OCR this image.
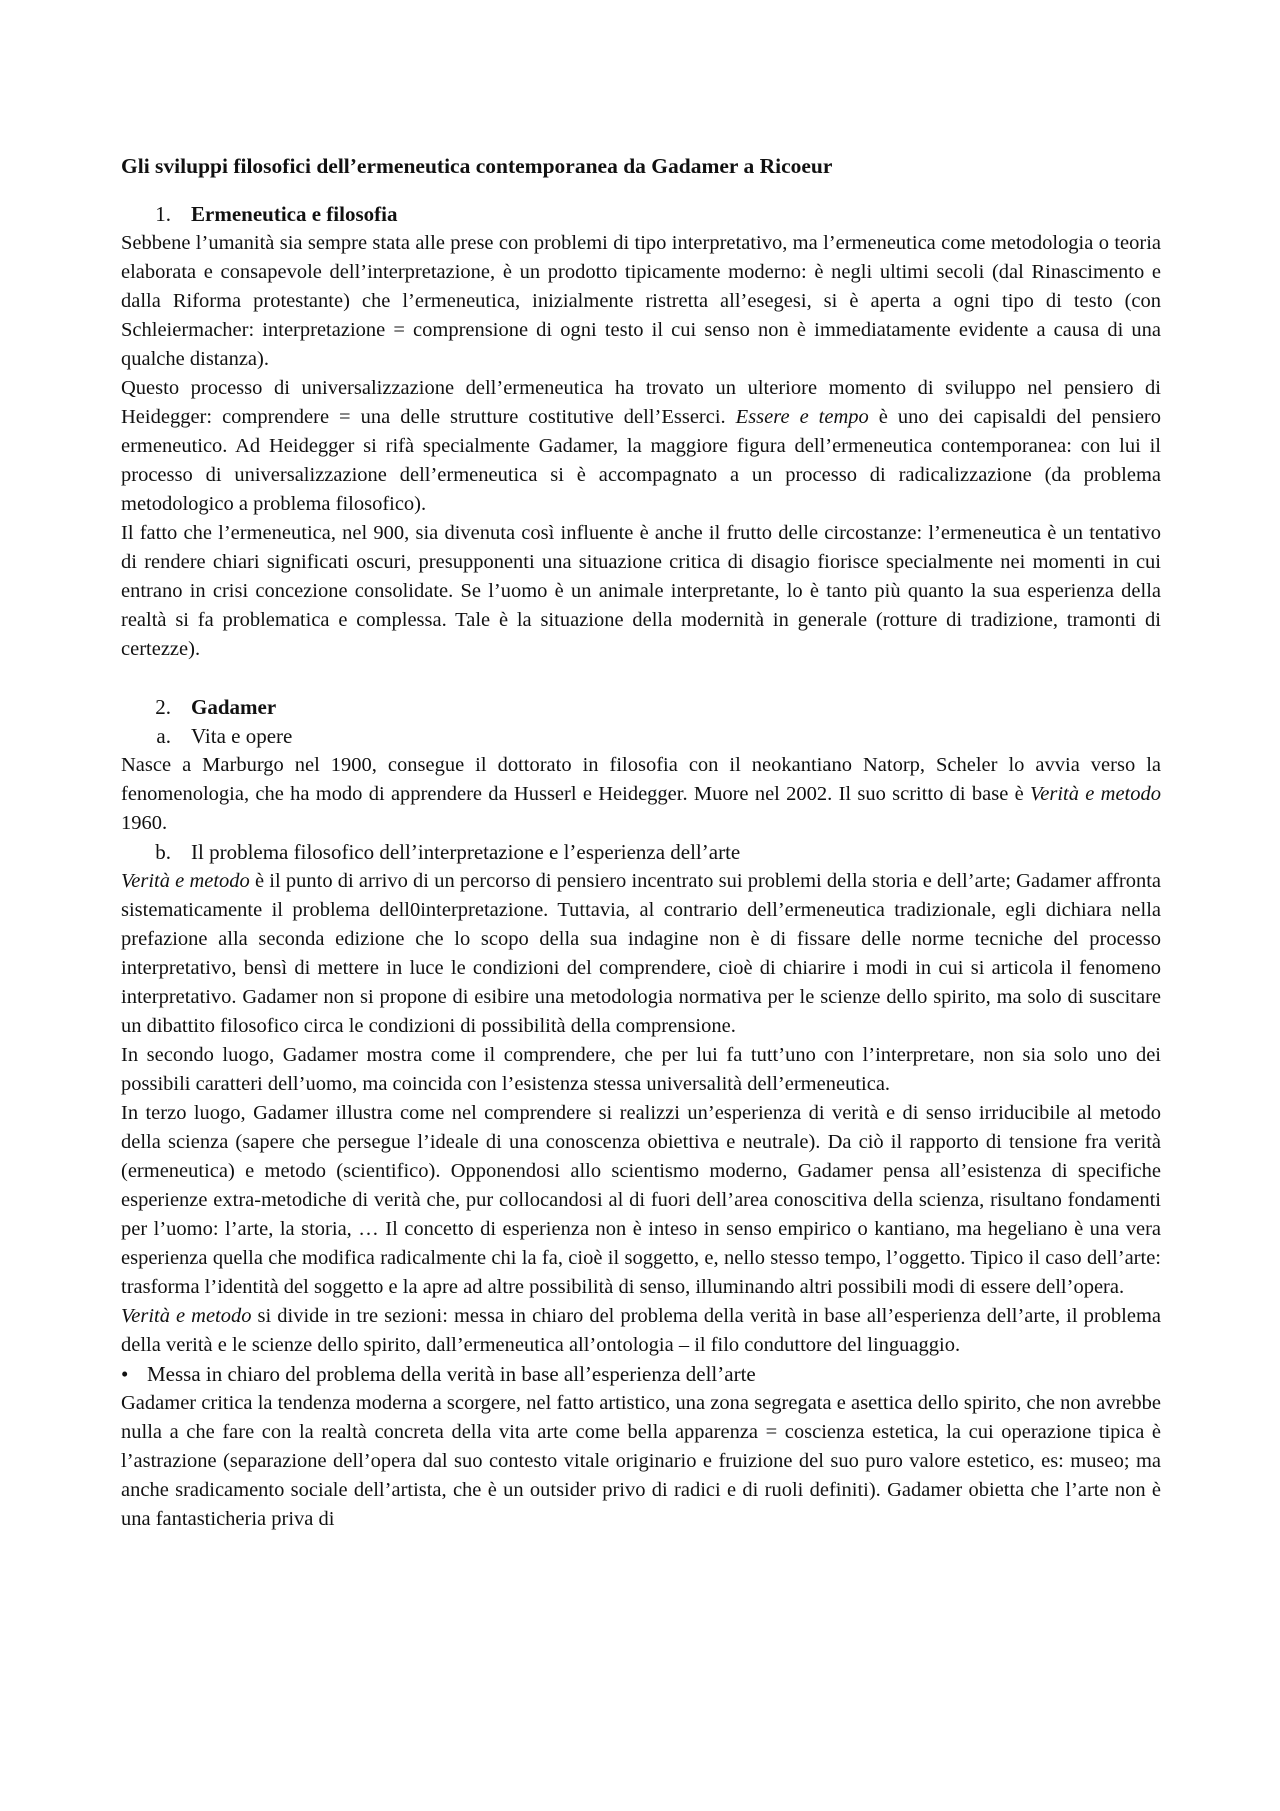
Gli sviluppi filosofici dell’ermeneutica contemporanea da Gadamer a Ricoeur
1. Ermeneutica e filosofia

Sebbene l’umanità sia sempre stata alle prese con problemi di tipo interpretativo, ma l’ermeneutica come metodologia o teoria elaborata e consapevole dell’interpretazione, è un prodotto tipicamente moderno: è negli ultimi secoli (dal Rinascimento e dalla Riforma protestante) che l’ermeneutica, inizialmente ristretta all’esegesi, si è aperta a ogni tipo di testo (con Schleiermacher: interpretazione = comprensione di ogni testo il cui senso non è immediatamente evidente a causa di una qualche distanza).

Questo processo di universalizzazione dell’ermeneutica ha trovato un ulteriore momento di sviluppo nel pensiero di Heidegger: comprendere = una delle strutture costitutive dell’Esserci. Essere e tempo è uno dei capisaldi del pensiero ermeneutico. Ad Heidegger si rifà specialmente Gadamer, la maggiore figura dell’ermeneutica contemporanea: con lui il processo di universalizzazione dell’ermeneutica si è accompagnato a un processo di radicalizzazione (da problema metodologico a problema filosofico).

Il fatto che l’ermeneutica, nel 900, sia divenuta così influente è anche il frutto delle circostanze: l’ermeneutica è un tentativo di rendere chiari significati oscuri, presupponenti una situazione critica di disagio fiorisce specialmente nei momenti in cui entrano in crisi concezione consolidate. Se l’uomo è un animale interpretante, lo è tanto più quanto la sua esperienza della realtà si fa problematica e complessa. Tale è la situazione della modernità in generale (rotture di tradizione, tramonti di certezze).

2. Gadamer
a. Vita e opere

Nasce a Marburgo nel 1900, consegue il dottorato in filosofia con il neokantiano Natorp, Scheler lo avvia verso la fenomenologia, che ha modo di apprendere da Husserl e Heidegger. Muore nel 2002. Il suo scritto di base è Verità e metodo 1960.

b. Il problema filosofico dell’interpretazione e l’esperienza dell’arte

Verità e metodo è il punto di arrivo di un percorso di pensiero incentrato sui problemi della storia e dell’arte; Gadamer affronta sistematicamente il problema dell0interpretazione. Tuttavia, al contrario dell’ermeneutica tradizionale, egli dichiara nella prefazione alla seconda edizione che lo scopo della sua indagine non è di fissare delle norme tecniche del processo interpretativo, bensì di mettere in luce le condizioni del comprendere, cioè di chiarire i modi in cui si articola il fenomeno interpretativo. Gadamer non si propone di esibire una metodologia normativa per le scienze dello spirito, ma solo di suscitare un dibattito filosofico circa le condizioni di possibilità della comprensione.

In secondo luogo, Gadamer mostra come il comprendere, che per lui fa tutt’uno con l’interpretare, non sia solo uno dei possibili caratteri dell’uomo, ma coincida con l’esistenza stessa universalità dell’ermeneutica.

In terzo luogo, Gadamer illustra come nel comprendere si realizzi un’esperienza di verità e di senso irriducibile al metodo della scienza (sapere che persegue l’ideale di una conoscenza obiettiva e neutrale). Da ciò il rapporto di tensione fra verità (ermeneutica) e metodo (scientifico). Opponendosi allo scientismo moderno, Gadamer pensa all’esistenza di specifiche esperienze extra-metodiche di verità che, pur collocandosi al di fuori dell’area conoscitiva della scienza, risultano fondamenti per l’uomo: l’arte, la storia, … Il concetto di esperienza non è inteso in senso empirico o kantiano, ma hegeliano è una vera esperienza quella che modifica radicalmente chi la fa, cioè il soggetto, e, nello stesso tempo, l’oggetto. Tipico il caso dell’arte: trasforma l’identità del soggetto e la apre ad altre possibilità di senso, illuminando altri possibili modi di essere dell’opera.

Verità e metodo si divide in tre sezioni: messa in chiaro del problema della verità in base all’esperienza dell’arte, il problema della verità e le scienze dello spirito, dall’ermeneutica all’ontologia – il filo conduttore del linguaggio.

• Messa in chiaro del problema della verità in base all’esperienza dell’arte

Gadamer critica la tendenza moderna a scorgere, nel fatto artistico, una zona segregata e asettica dello spirito, che non avrebbe nulla a che fare con la realtà concreta della vita arte come bella apparenza = coscienza estetica, la cui operazione tipica è l’astrazione (separazione dell’opera dal suo contesto vitale originario e fruizione del suo puro valore estetico, es: museo; ma anche sradicamento sociale dell’artista, che è un outsider privo di radici e di ruoli definiti). Gadamer obietta che l’arte non è una fantasticheria priva di
